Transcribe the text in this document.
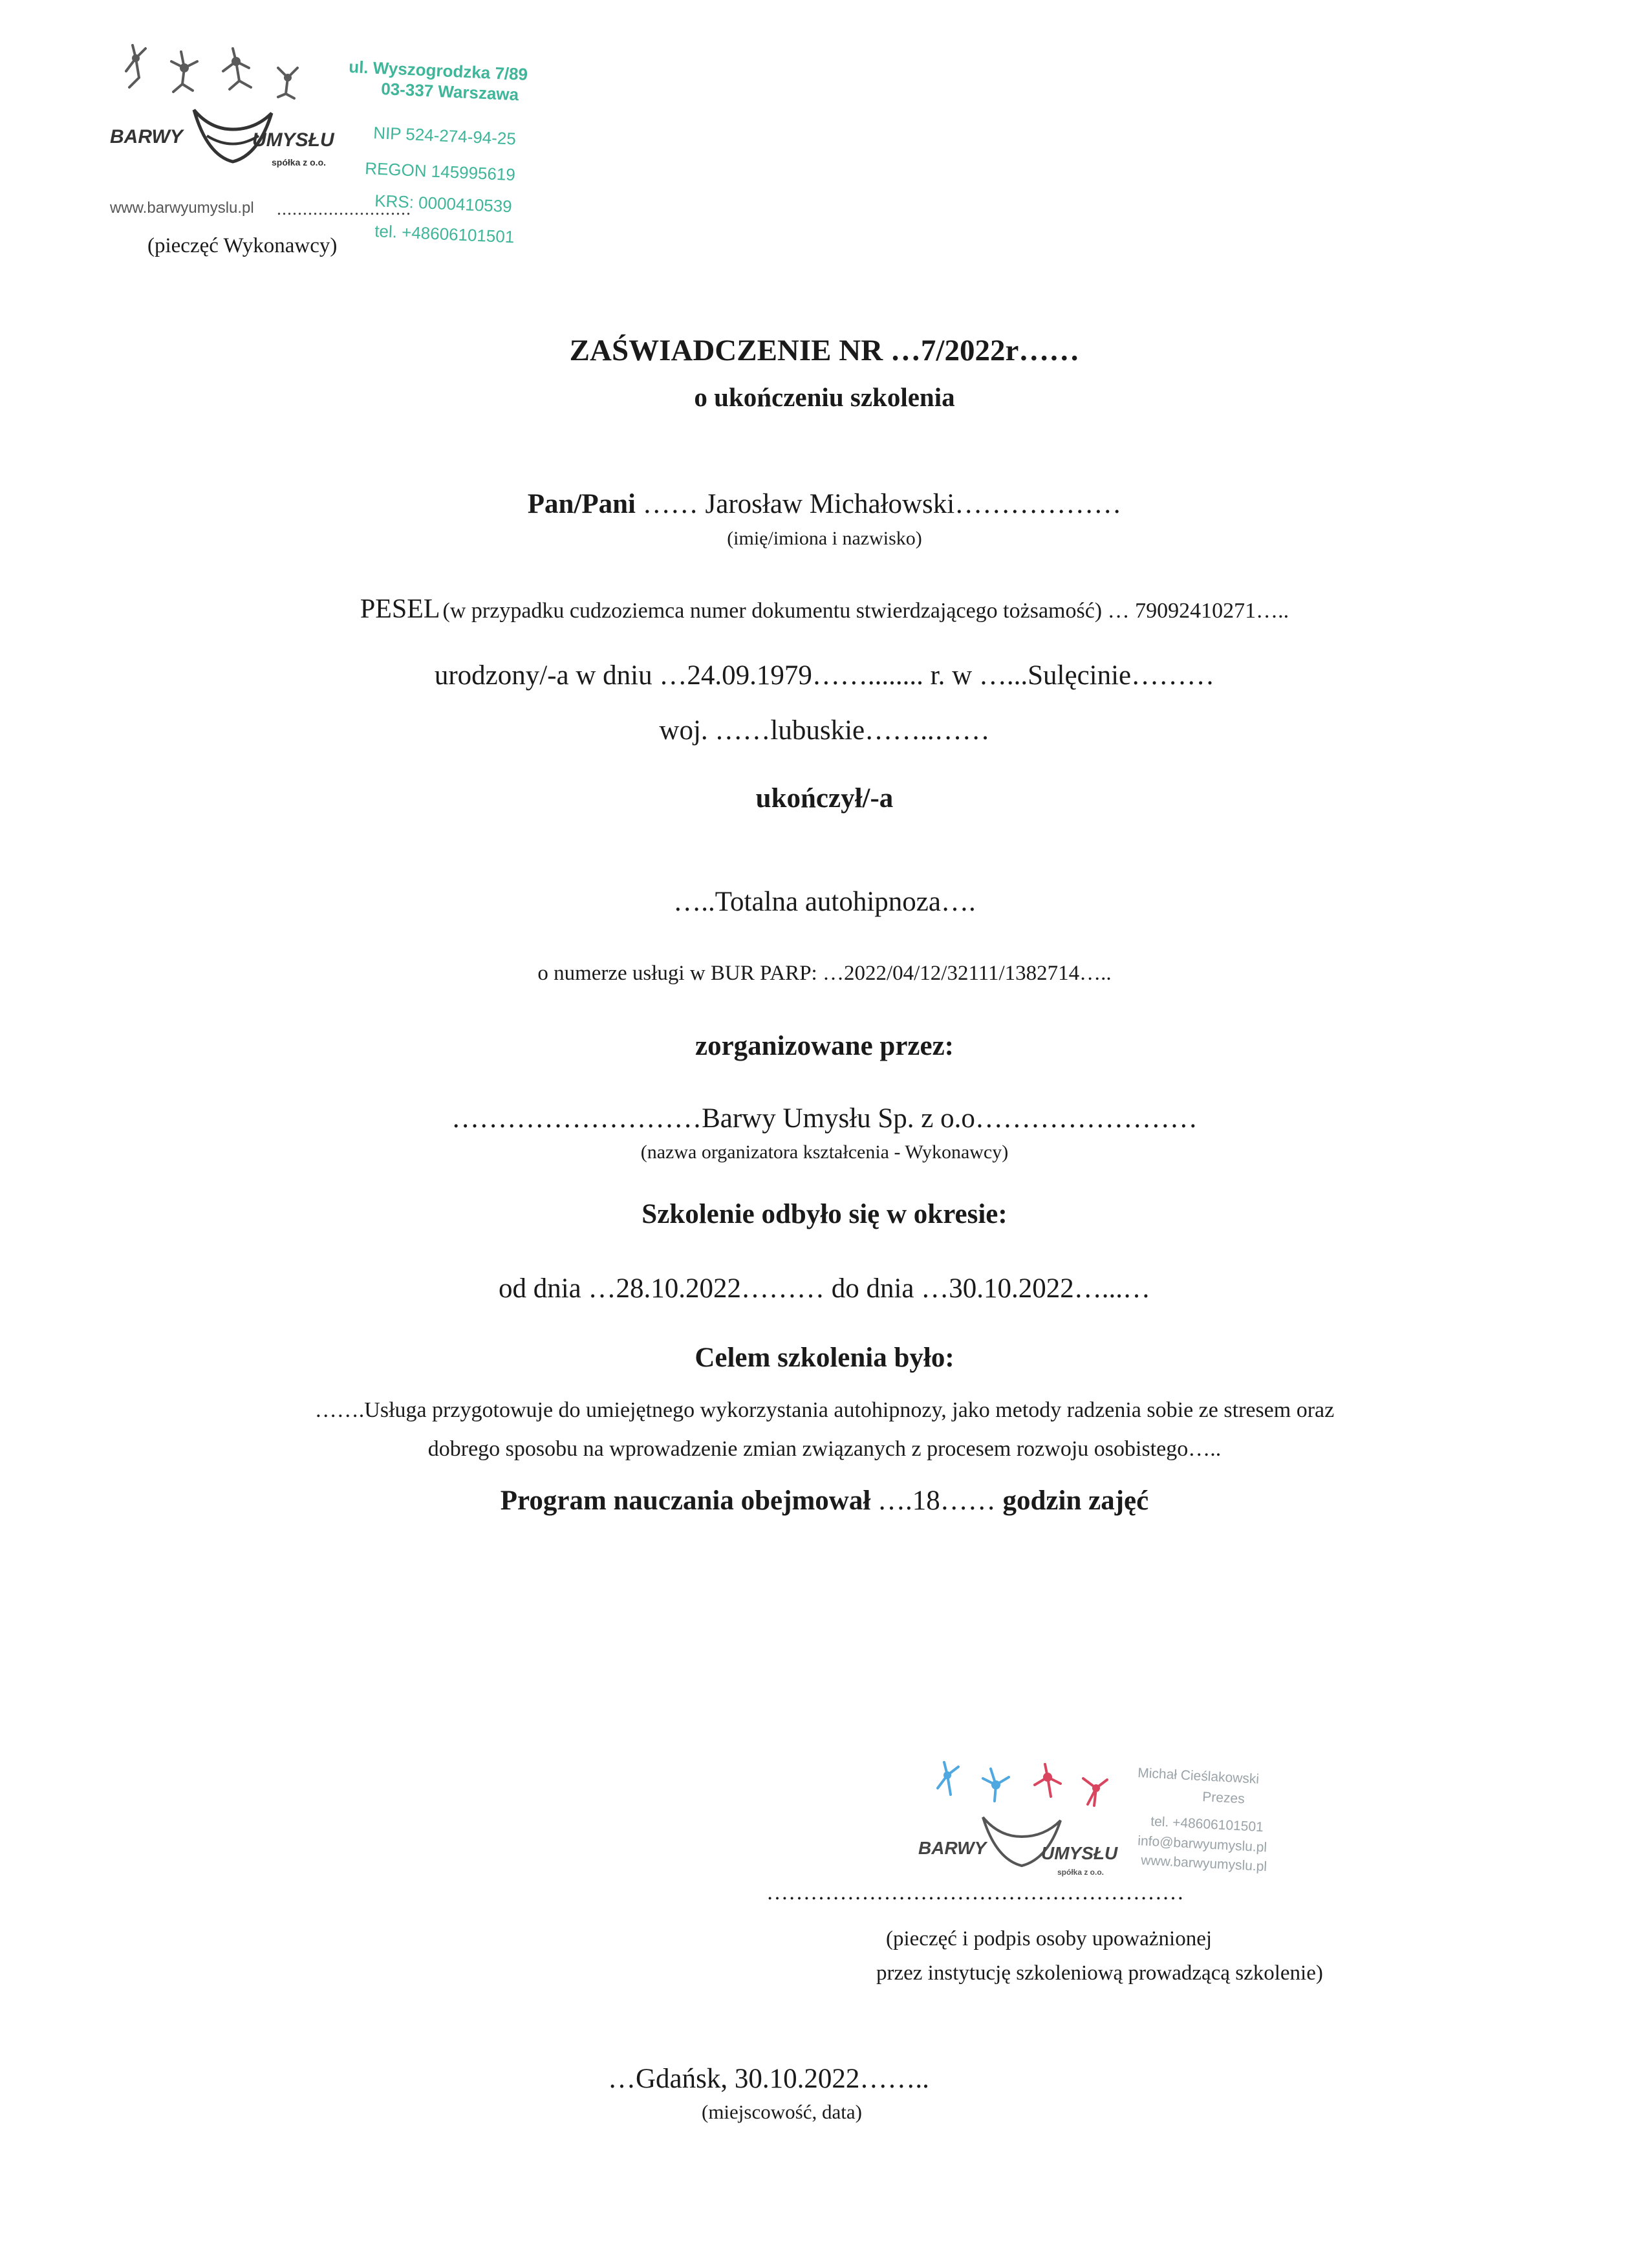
BARWY	UMYSŁU
spółka z o.o.
ul. Wyszogrodzka 7/89
03-337 Warszawa
NIP 524-274-94-25
REGON 145995619
KRS: 0000410539
tel. +48606101501
www.barwyumyslu.pl ..........................
(pieczęć Wykonawcy)
ZAŚWIADCZENIE NR …7/2022r……
o ukończeniu szkolenia
Pan/Pani …… Jarosław Michałowski………………
(imię/imiona i nazwisko)
PESEL (w przypadku cudzoziemca numer dokumentu stwierdzającego tożsamość) … 79092410271…..
urodzony/-a w dniu …24.09.1979……........ r. w …...Sulęcinie………
woj. ……lubuskie……..……
ukończył/-a
…..Totalna autohipnoza….
o numerze usługi w BUR PARP: …2022/04/12/32111/1382714…..
zorganizowane przez:
………………………Barwy Umysłu Sp. z o.o……………………
(nazwa organizatora kształcenia - Wykonawcy)
Szkolenie odbyło się w okresie:
od dnia …28.10.2022……… do dnia …30.10.2022…...…
Celem szkolenia było:
…….Usługa przygotowuje do umiejętnego wykorzystania autohipnozy, jako metody radzenia sobie ze stresem oraz
dobrego sposobu na wprowadzenie zmian związanych z procesem rozwoju osobistego…..
Program nauczania obejmował ….18…… godzin zajęć
BARWY	UMYSŁU
spółka z o.o.
Michał Cieślakowski
Prezes
tel. +48606101501
info@barwyumyslu.pl
www.barwyumyslu.pl
…………………………………………………
(pieczęć i podpis osoby upoważnionej
przez instytucję szkoleniową prowadzącą szkolenie)
…Gdańsk, 30.10.2022……..
(miejscowość, data)
